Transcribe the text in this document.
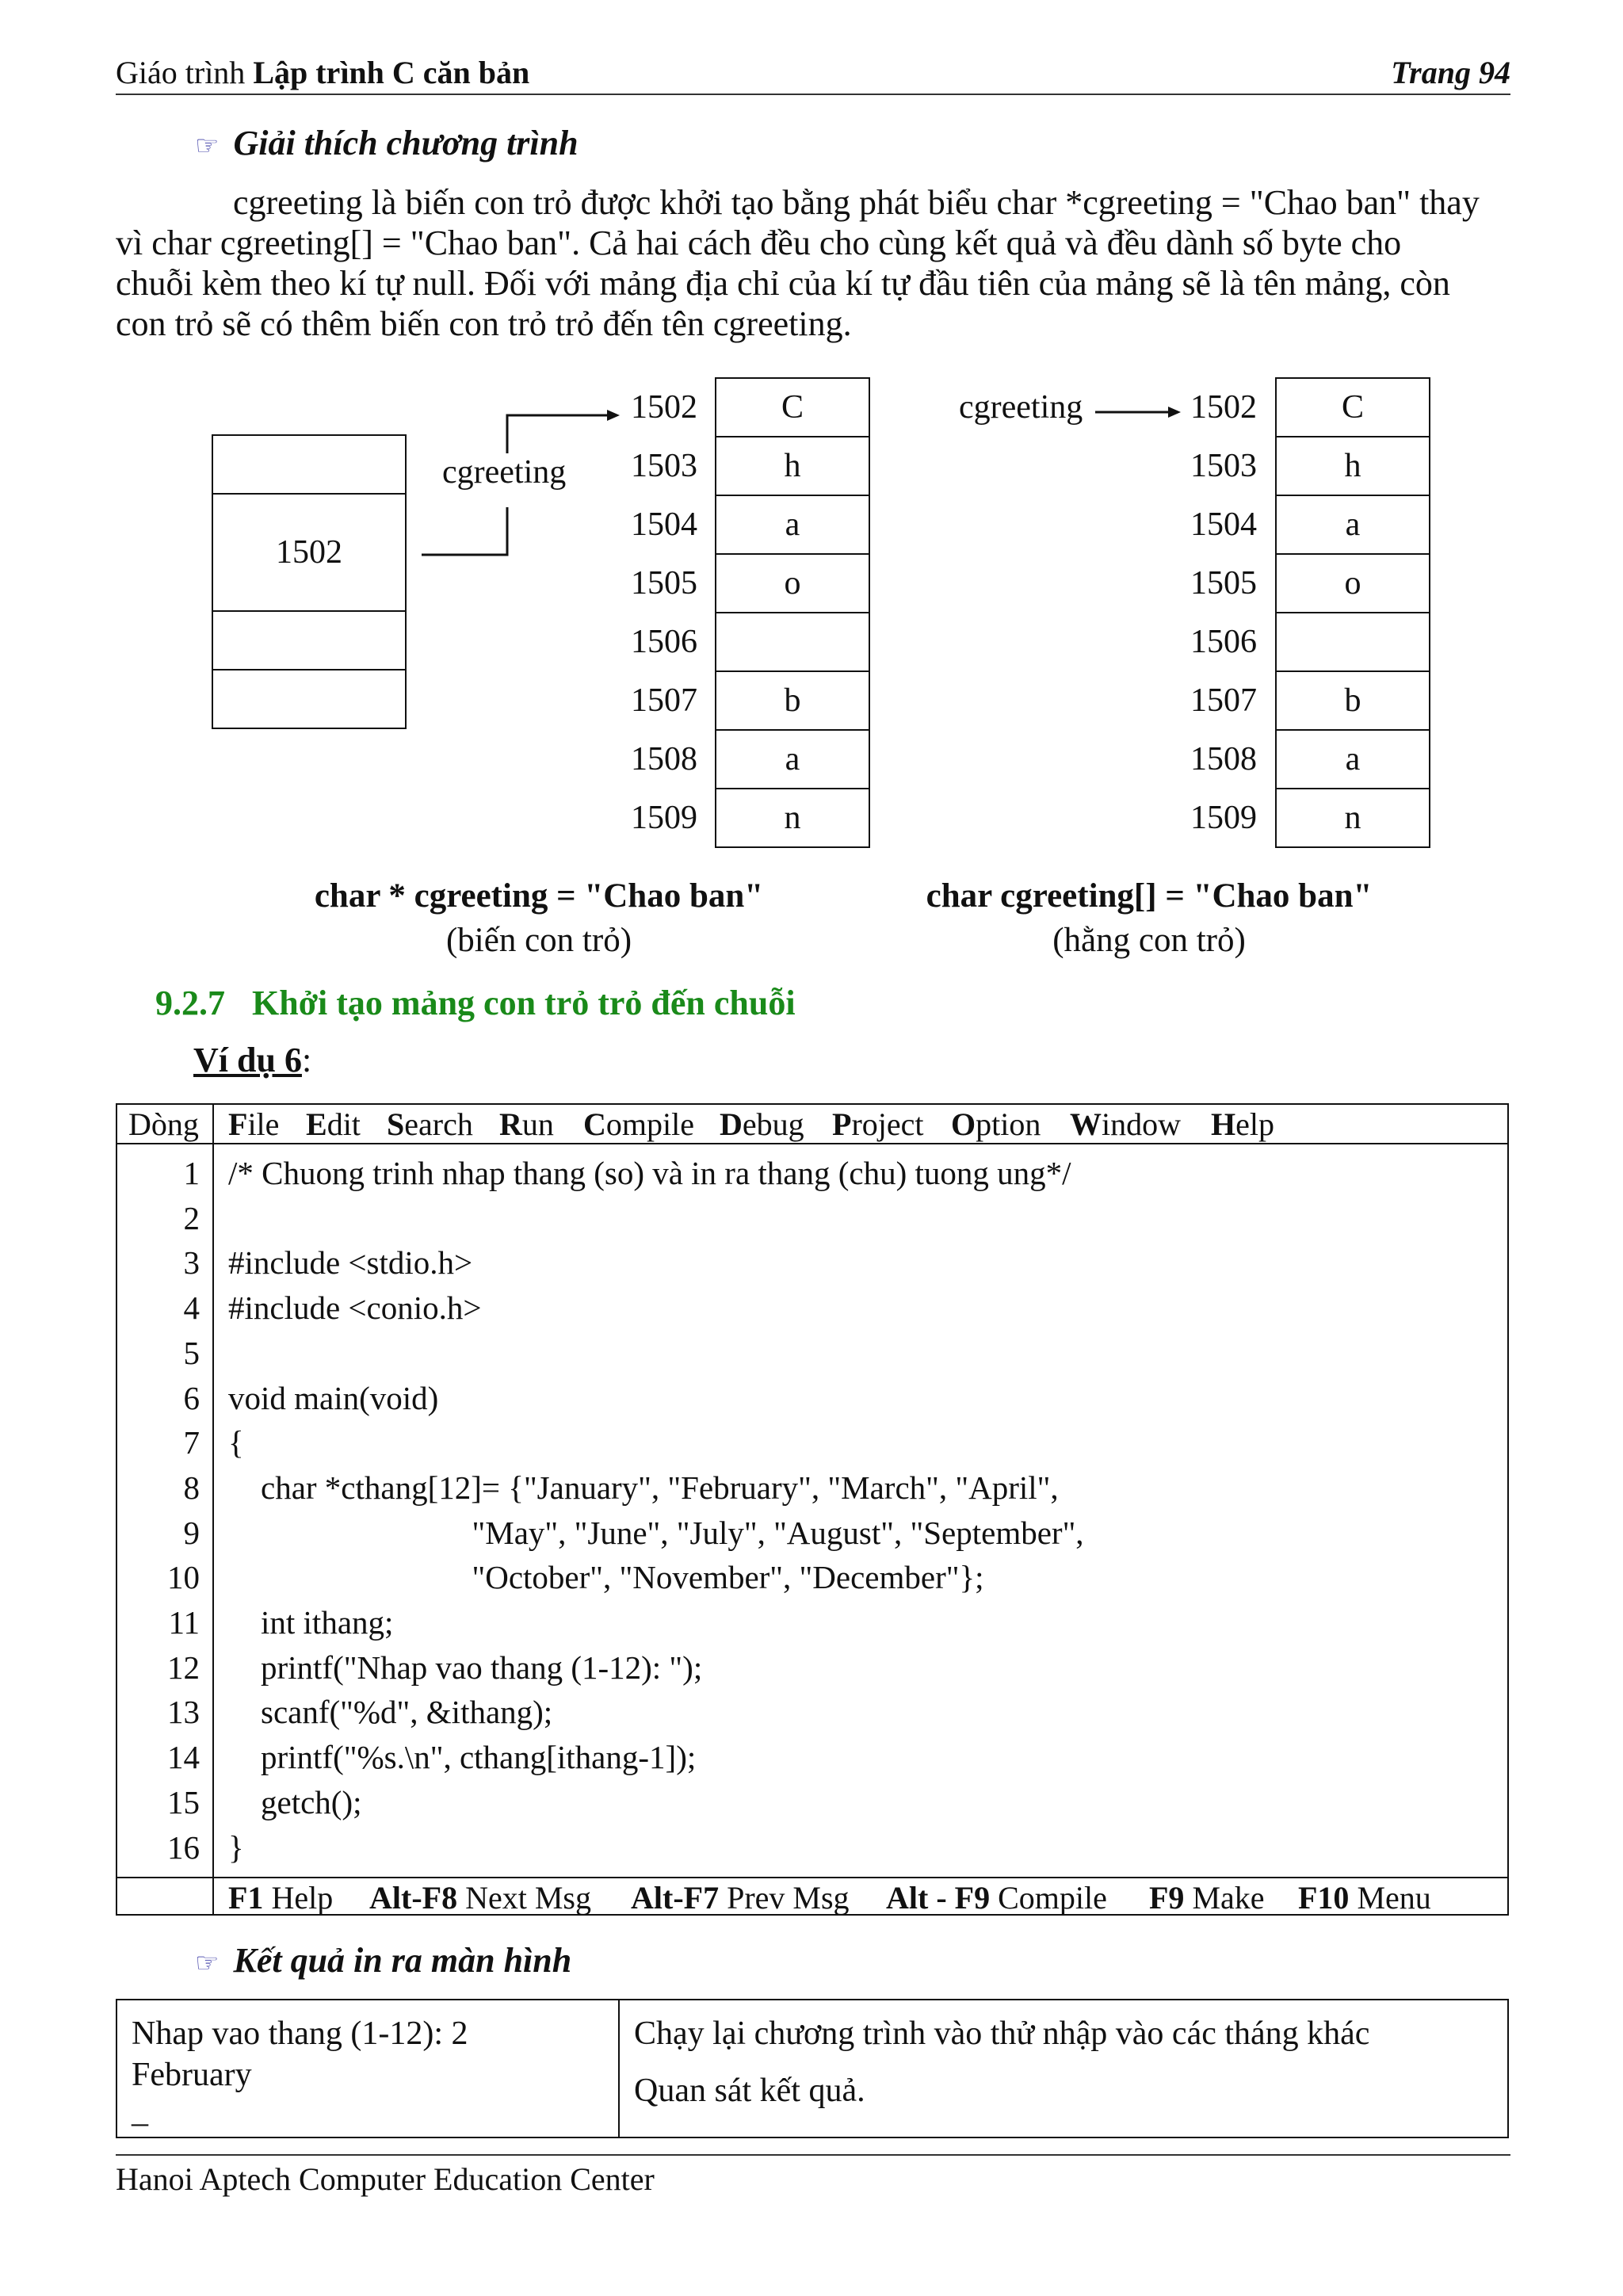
Giáo trình Lập trình C căn bản	Trang 94
☞ Giải thích chương trình

cgreeting là biến con trỏ được khởi tạo bằng phát biểu char *cgreeting = "Chao ban" thay

vì char cgreeting[] = "Chao ban". Cả hai cách đều cho cùng kết quả và đều dành số byte cho

chuỗi kèm theo kí tự null. Đối với mảng địa chỉ của kí tự đầu tiên của mảng sẽ là tên mảng, còn

con trỏ sẽ có thêm biến con trỏ trỏ đến tên cgreeting.

1502
cgreeting
1502	C
1503	h
1504	a
1505	o
1506
1507	b
1508	a
1509	n
cgreeting	1502	C
1503	h
1504	a
1505	o
1506
1507	b
1508	a
1509	n
char * cgreeting = "Chao ban"
(biến con trỏ)
char cgreeting[] = "Chao ban"
(hằng con trỏ)
9.2.7 Khởi tạo mảng con trỏ trỏ đến chuỗi
Ví dụ 6:
Dòng File Edit Search Run Compile Debug Project Option Window Help
1 /* Chuong trinh nhap thang (so) và in ra thang (chu) tuong ung*/
2
3 #include <stdio.h>
4 #include <conio.h>
5
6 void main(void)
7 {
8 char *cthang[12]= {"January", "February", "March", "April",
9 "May", "June", "July", "August", "September",
10 "October", "November", "December"};
11 int ithang;
12 printf("Nhap vao thang (1-12): ");
13 scanf("%d", &ithang);
14 printf("%s.\n", cthang[ithang-1]);
15 getch();
16 }
F1 Help Alt-F8 Next Msg Alt-F7 Prev Msg Alt - F9 Compile F9 Make F10 Menu
☞ Kết quả in ra màn hình
Nhap vao thang (1-12): 2
February
_
Chạy lại chương trình vào thử nhập vào các tháng khác
Quan sát kết quả.
Hanoi Aptech Computer Education Center
